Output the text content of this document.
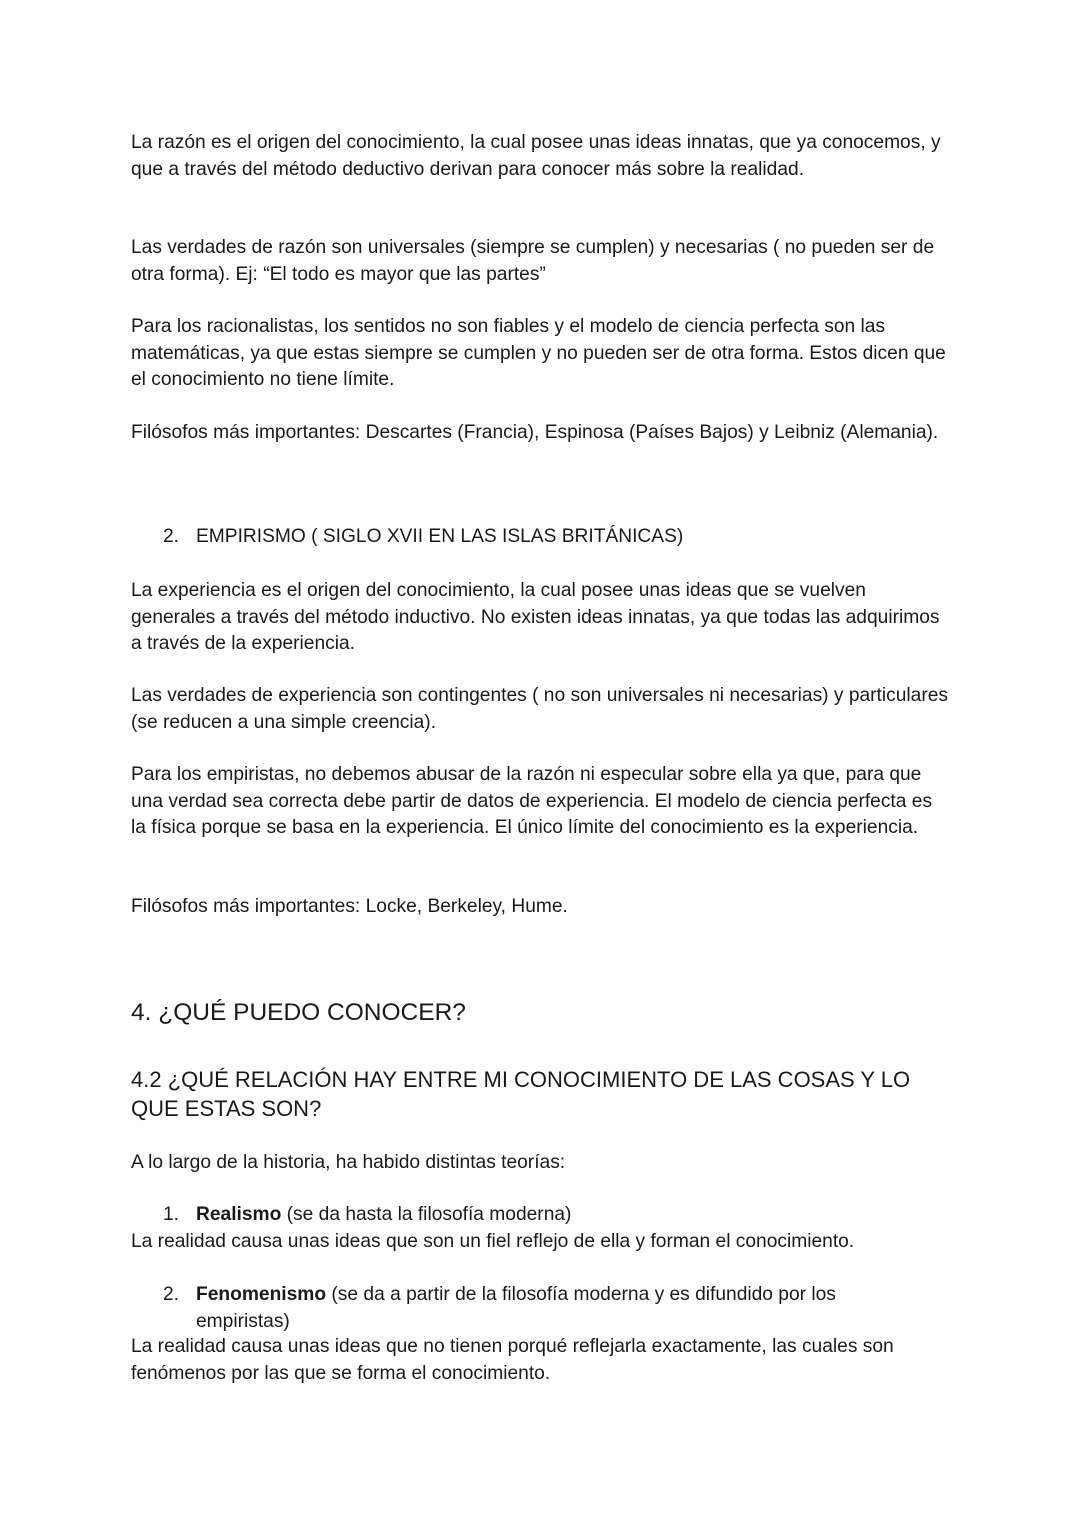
La razón es el origen del conocimiento, la cual posee unas ideas innatas, que ya conocemos, y que a través del método deductivo derivan para conocer más sobre la realidad.

Las verdades de razón son universales (siempre se cumplen) y necesarias ( no pueden ser de otra forma). Ej: “El todo es mayor que las partes”

Para los racionalistas, los sentidos no son fiables y el modelo de ciencia perfecta son las matemáticas, ya que estas siempre se cumplen y no pueden ser de otra forma. Estos dicen que el conocimiento no tiene límite.

Filósofos más importantes: Descartes (Francia), Espinosa (Países Bajos) y Leibniz (Alemania).

2. EMPIRISMO ( SIGLO XVII EN LAS ISLAS BRITÁNICAS)

La experiencia es el origen del conocimiento, la cual posee unas ideas que se vuelven generales a través del método inductivo. No existen ideas innatas, ya que todas las adquirimos a través de la experiencia.

Las verdades de experiencia son contingentes ( no son universales ni necesarias) y particulares (se reducen a una simple creencia).

Para los empiristas, no debemos abusar de la razón ni especular sobre ella ya que, para que una verdad sea correcta debe partir de datos de experiencia. El modelo de ciencia perfecta es la física porque se basa en la experiencia. El único límite del conocimiento es la experiencia.

Filósofos más importantes: Locke, Berkeley, Hume.

4. ¿QUÉ PUEDO CONOCER?
4.2 ¿QUÉ RELACIÓN HAY ENTRE MI CONOCIMIENTO DE LAS COSAS Y LO QUE ESTAS SON?

A lo largo de la historia, ha habido distintas teorías:

1. Realismo (se da hasta la filosofía moderna)

La realidad causa unas ideas que son un fiel reflejo de ella y forman el conocimiento.

2. Fenomenismo (se da a partir de la filosofía moderna y es difundido por los empiristas)

La realidad causa unas ideas que no tienen porqué reflejarla exactamente, las cuales son fenómenos por las que se forma el conocimiento.
